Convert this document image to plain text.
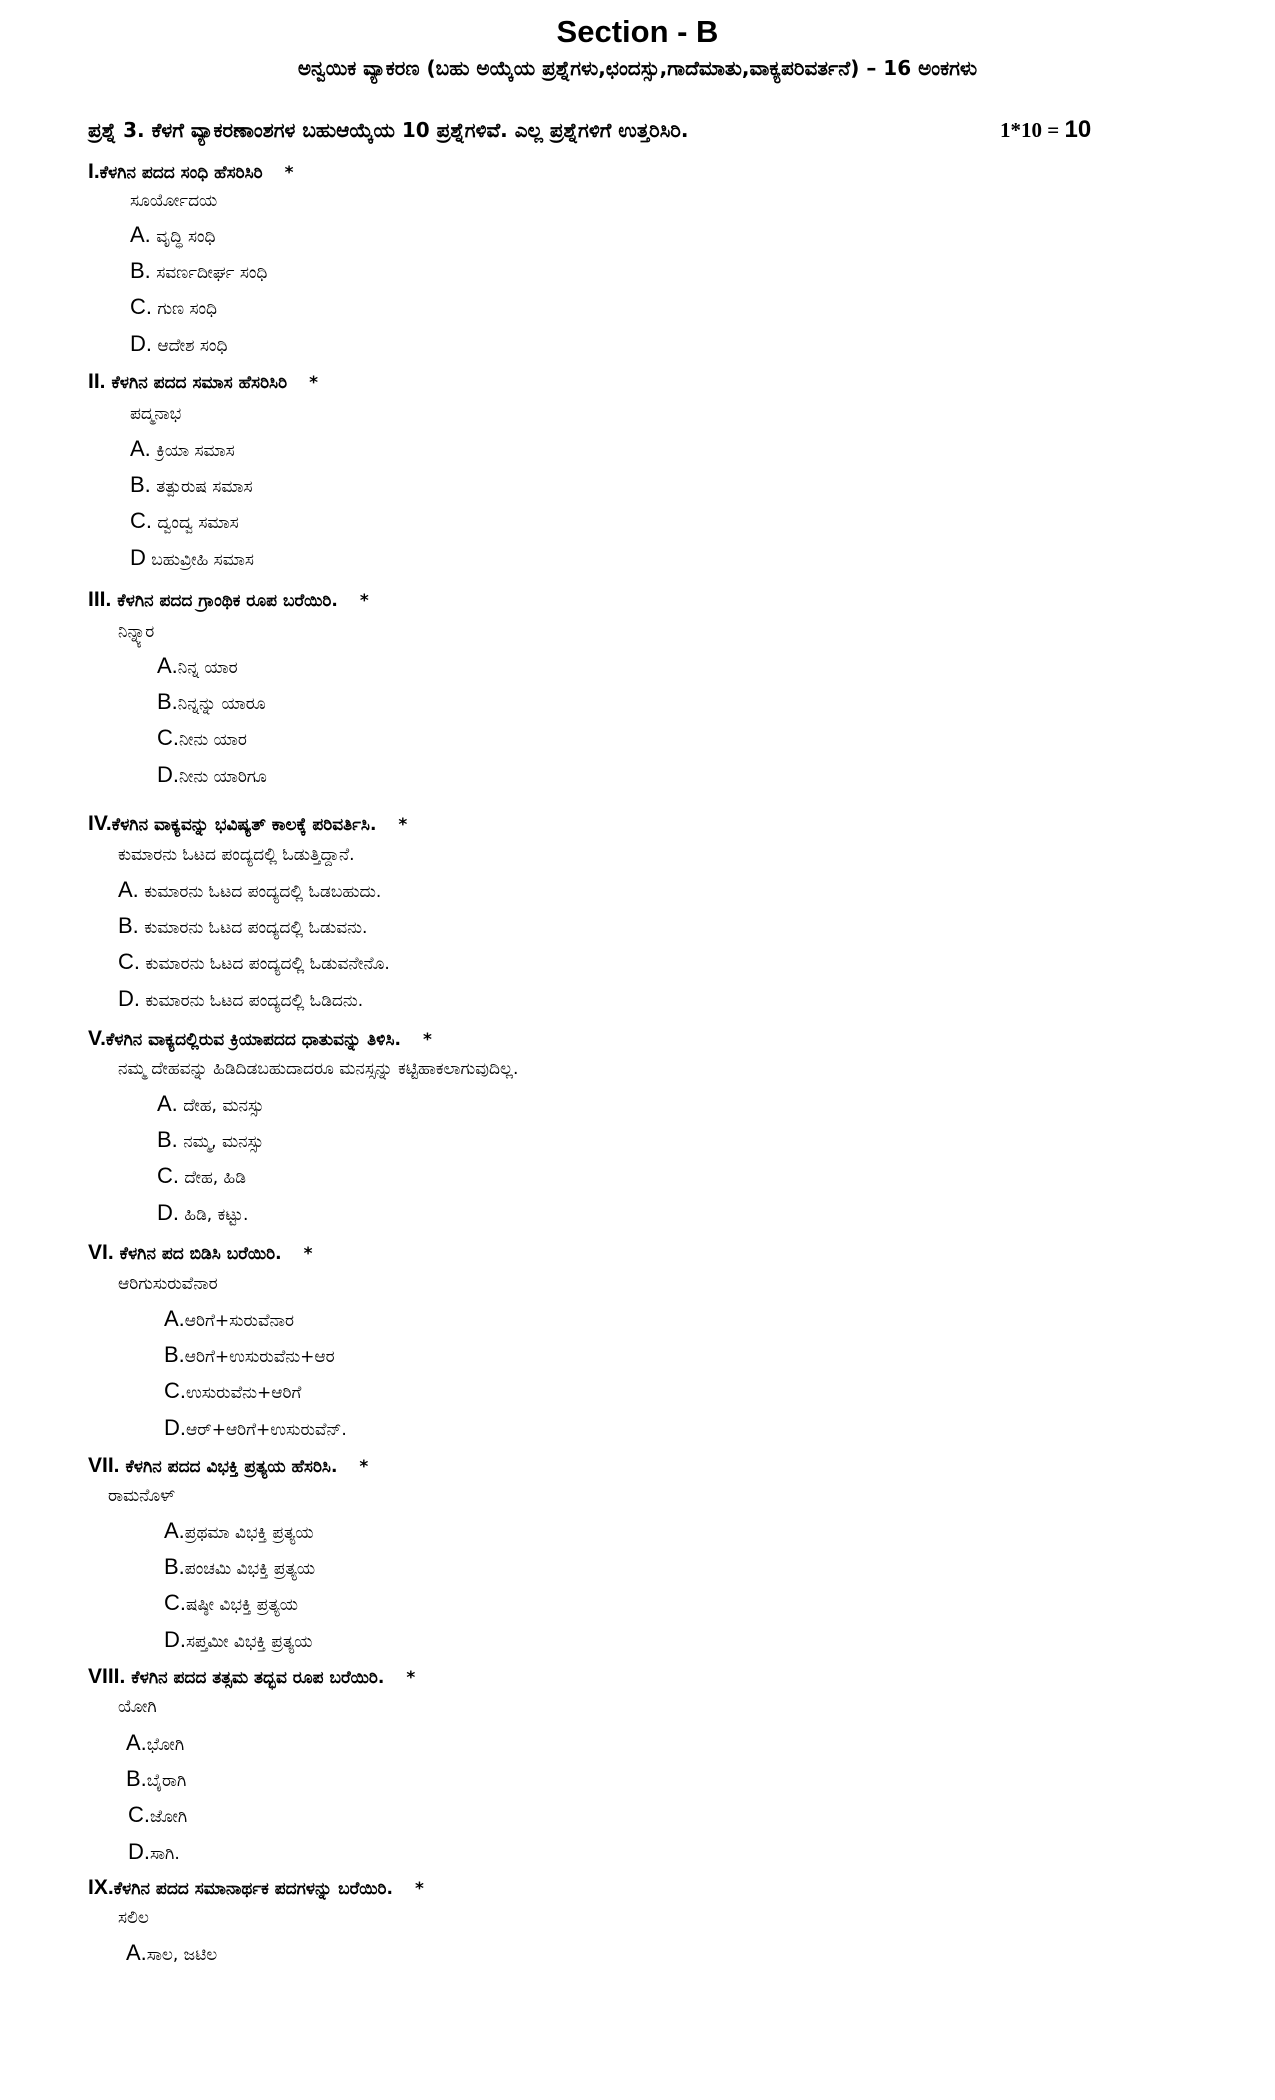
Section - B
ಅನ್ವಯಿಕ ವ್ಯಾಕರಣ (ಬಹು ಅಯ್ಕೆಯ ಪ್ರಶ್ನೆಗಳು,ಛಂದಸ್ಸು,ಗಾದೆಮಾತು,ವಾಕ್ಯಪರಿವರ್ತನೆ) – 16 ಅಂಕಗಳು
ಪ್ರಶ್ನೆ 3. ಕೆಳಗೆ ವ್ಯಾಕರಣಾಂಶಗಳ ಬಹುಆಯ್ಕೆಯ 10 ಪ್ರಶ್ನೆಗಳಿವೆ. ಎಲ್ಲ ಪ್ರಶ್ನೆಗಳಿಗೆ ಉತ್ತರಿಸಿರಿ.	1*10 = 10
I.ಕೆಳಗಿನ ಪದದ ಸಂಧಿ ಹೆಸರಿಸಿರಿ *
ಸೂರ್ಯೋದಯ
A. ವೃದ್ಧಿ ಸಂಧಿ
B. ಸವರ್ಣದೀರ್ಘ ಸಂಧಿ
C. ಗುಣ ಸಂಧಿ
D. ಆದೇಶ ಸಂಧಿ
II. ಕೆಳಗಿನ ಪದದ ಸಮಾಸ ಹೆಸರಿಸಿರಿ *
ಪದ್ಮನಾಭ
A. ಕ್ರಿಯಾ ಸಮಾಸ
B. ತತ್ಪುರುಷ ಸಮಾಸ
C. ದ್ವಂದ್ವ ಸಮಾಸ
D ಬಹುವ್ರೀಹಿ ಸಮಾಸ
III. ಕೆಳಗಿನ ಪದದ ಗ್ರಾಂಥಿಕ ರೂಪ ಬರೆಯಿರಿ. *
ನಿನ್ನ್ಯಾರ
A.ನಿನ್ನ ಯಾರ
B.ನಿನ್ನನ್ನು ಯಾರೂ
C.ನೀನು ಯಾರ
D.ನೀನು ಯಾರಿಗೂ
IV.ಕೆಳಗಿನ ವಾಕ್ಯವನ್ನು ಭವಿಷ್ಯತ್ ಕಾಲಕ್ಕೆ ಪರಿವರ್ತಿಸಿ. *
ಕುಮಾರನು ಓಟದ ಪಂದ್ಯದಲ್ಲಿ ಓಡುತ್ತಿದ್ದಾನೆ.
A. ಕುಮಾರನು ಓಟದ ಪಂದ್ಯದಲ್ಲಿ ಓಡಬಹುದು.
B. ಕುಮಾರನು ಓಟದ ಪಂದ್ಯದಲ್ಲಿ ಓಡುವನು.
C. ಕುಮಾರನು ಓಟದ ಪಂದ್ಯದಲ್ಲಿ ಓಡುವನೇನೊ.
D. ಕುಮಾರನು ಓಟದ ಪಂದ್ಯದಲ್ಲಿ ಓಡಿದನು.
V.ಕೆಳಗಿನ ವಾಕ್ಯದಲ್ಲಿರುವ ಕ್ರಿಯಾಪದದ ಧಾತುವನ್ನು ತಿಳಿಸಿ. *
ನಮ್ಮ ದೇಹವನ್ನು ಹಿಡಿದಿಡಬಹುದಾದರೂ ಮನಸ್ಸನ್ನು ಕಟ್ಟಿಹಾಕಲಾಗುವುದಿಲ್ಲ.
A. ದೇಹ, ಮನಸ್ಸು
B. ನಮ್ಮ, ಮನಸ್ಸು
C. ದೇಹ, ಹಿಡಿ
D. ಹಿಡಿ, ಕಟ್ಟು.
VI. ಕೆಳಗಿನ ಪದ ಬಿಡಿಸಿ ಬರೆಯಿರಿ. *
ಆರಿಗುಸುರುವೆನಾರ
A.ಆರಿಗೆ+ಸುರುವೆನಾರ
B.ಆರಿಗೆ+ಉಸುರುವೆನು+ಆರ
C.ಉಸುರುವೆನು+ಆರಿಗೆ
D.ಆರ್+ಆರಿಗೆ+ಉಸುರುವೆನ್.
VII. ಕೆಳಗಿನ ಪದದ ವಿಭಕ್ತಿ ಪ್ರತ್ಯಯ ಹೆಸರಿಸಿ. *
ರಾಮನೊಳ್
A.ಪ್ರಥಮಾ ವಿಭಕ್ತಿ ಪ್ರತ್ಯಯ
B.ಪಂಚಮಿ ವಿಭಕ್ತಿ ಪ್ರತ್ಯಯ
C.ಷಷ್ಠೀ ವಿಭಕ್ತಿ ಪ್ರತ್ಯಯ
D.ಸಪ್ತಮೀ ವಿಭಕ್ತಿ ಪ್ರತ್ಯಯ
VIII. ಕೆಳಗಿನ ಪದದ ತತ್ಸಮ ತದ್ಭವ ರೂಪ ಬರೆಯಿರಿ. *
ಯೋಗಿ
A.ಭೋಗಿ
B.ಬೈರಾಗಿ
C.ಜೋಗಿ
D.ಸಾಗಿ.
IX.ಕೆಳಗಿನ ಪದದ ಸಮಾನಾರ್ಥಕ ಪದಗಳನ್ನು ಬರೆಯಿರಿ. *
ಸಲಿಲ
A.ಸಾಲ, ಜಟಿಲ
